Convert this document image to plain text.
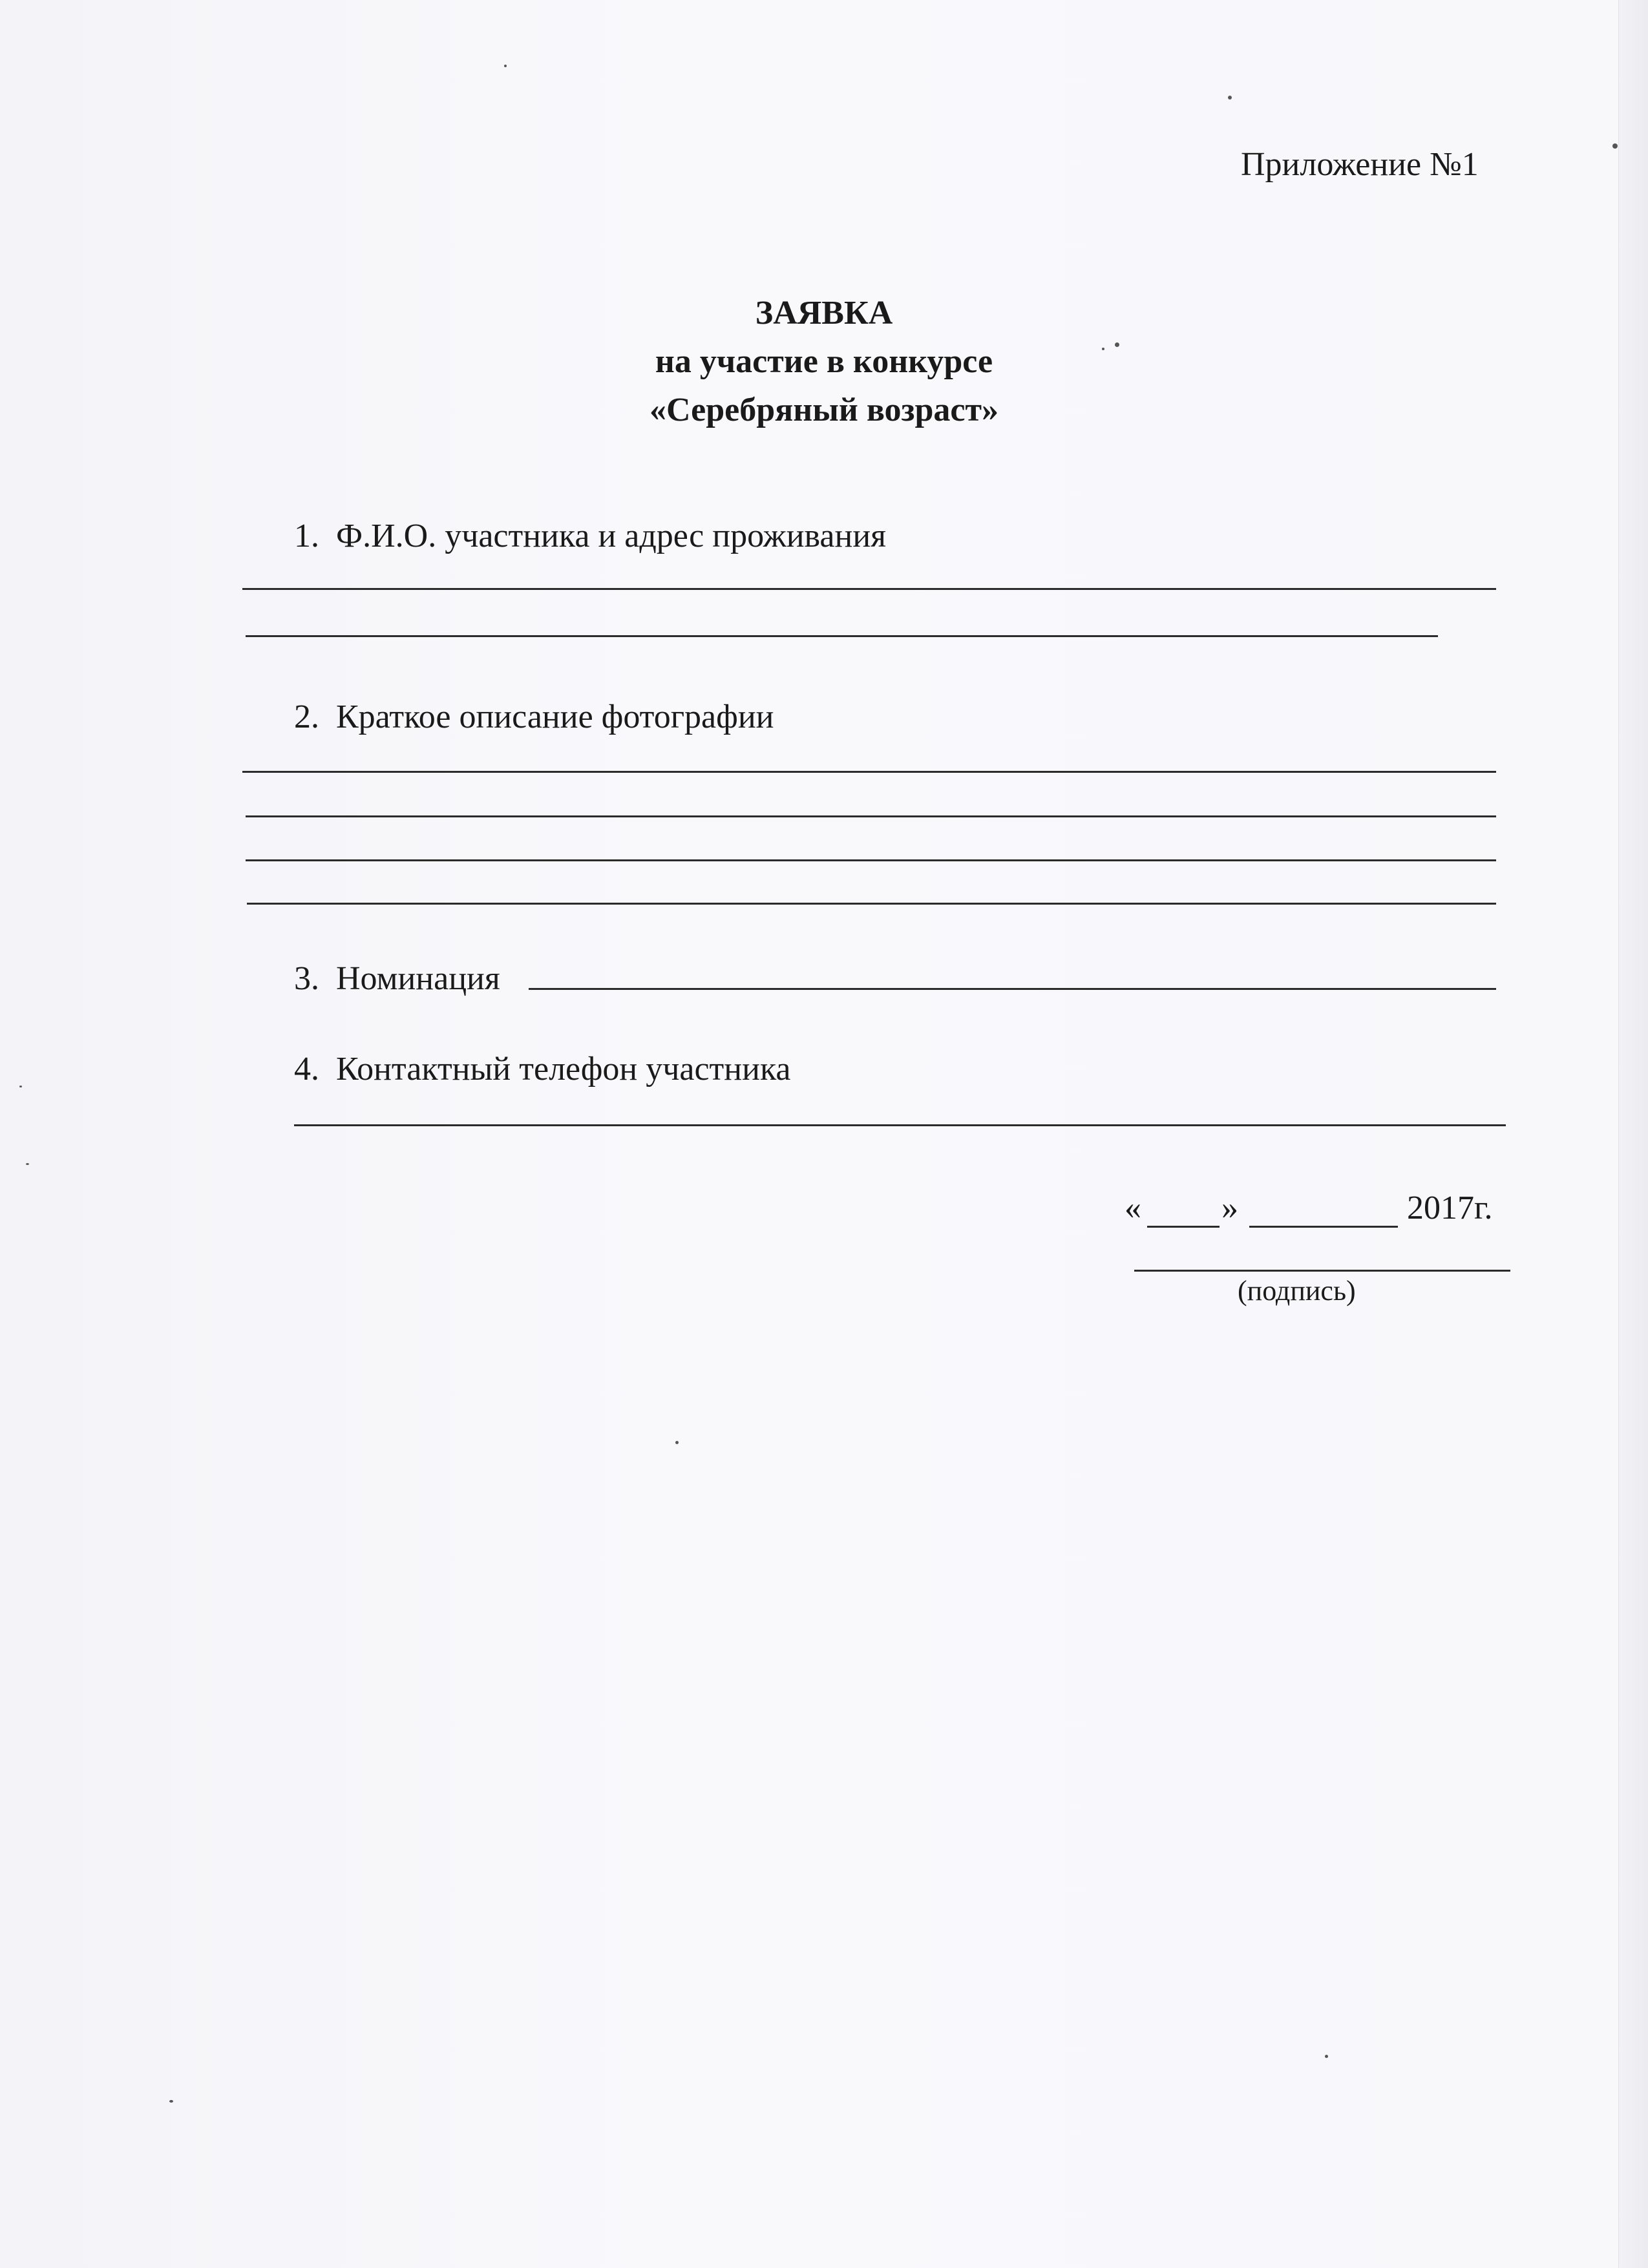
Приложение №1
ЗАЯВКА
на участие в конкурсе
«Серебряный возраст»
1. Ф.И.О. участника и адрес проживания
2. Краткое описание фотографии
3. Номинация
4. Контактный телефон участника
« »	2017г.
(подпись)
